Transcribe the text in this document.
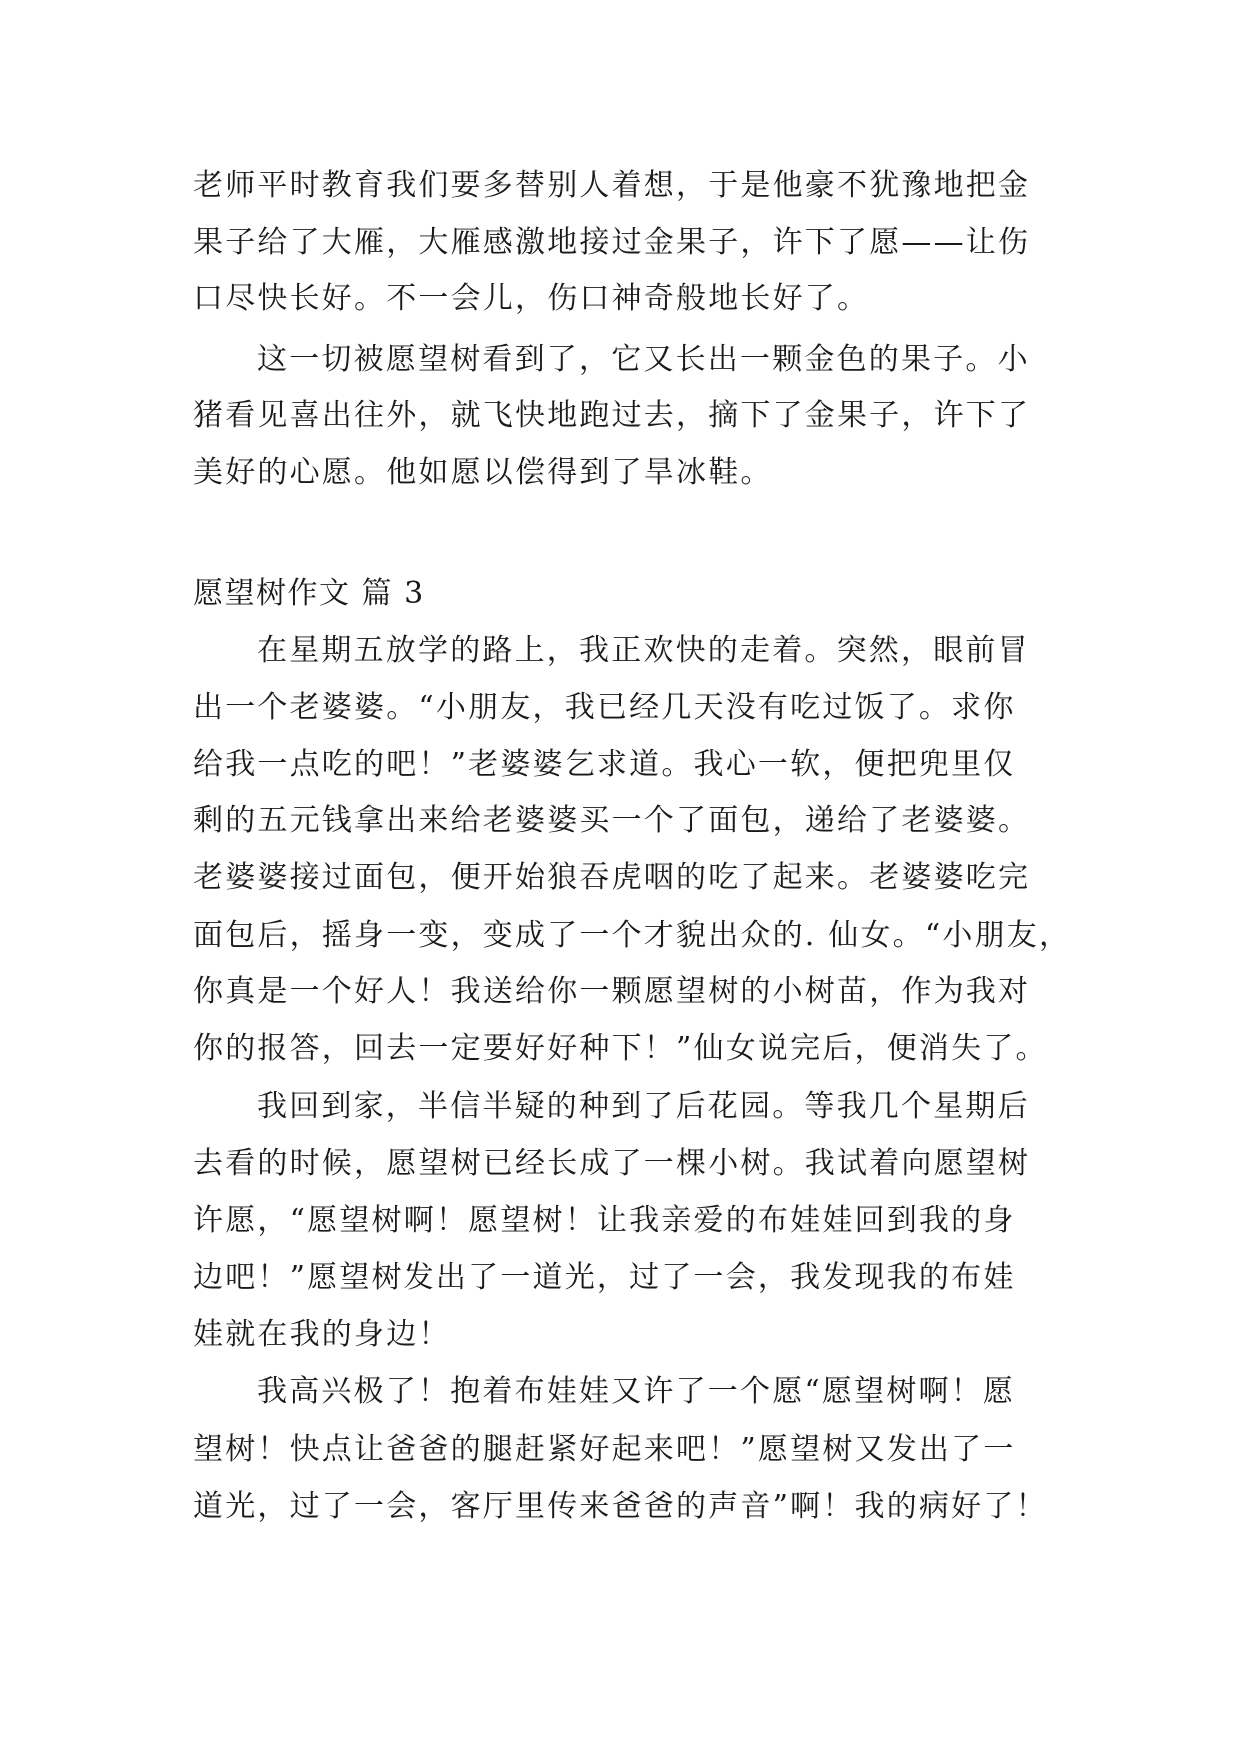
老师平时教育我们要多替别人着想，于是他豪不犹豫地把金
果子给了大雁，大雁感激地接过金果子，许下了愿——让伤
口尽快长好。不一会儿，伤口神奇般地长好了。
这一切被愿望树看到了，它又长出一颗金色的果子。小
猪看见喜出往外，就飞快地跑过去，摘下了金果子，许下了
美好的心愿。他如愿以偿得到了旱冰鞋。
愿望树作文 篇 3
在星期五放学的路上，我正欢快的走着。突然，眼前冒
出一个老婆婆。“小朋友，我已经几天没有吃过饭了。求你
给我一点吃的吧！”老婆婆乞求道。我心一软，便把兜里仅
剩的五元钱拿出来给老婆婆买一个了面包，递给了老婆婆。
老婆婆接过面包，便开始狼吞虎咽的吃了起来。老婆婆吃完
面包后，摇身一变，变成了一个才貌出众的. 仙女。“小朋友，
你真是一个好人！我送给你一颗愿望树的小树苗，作为我对
你的报答，回去一定要好好种下！”仙女说完后，便消失了。
我回到家，半信半疑的种到了后花园。等我几个星期后
去看的时候，愿望树已经长成了一棵小树。我试着向愿望树
许愿，“愿望树啊！愿望树！让我亲爱的布娃娃回到我的身
边吧！”愿望树发出了一道光，过了一会，我发现我的布娃
娃就在我的身边！
我高兴极了！抱着布娃娃又许了一个愿“愿望树啊！愿
望树！快点让爸爸的腿赶紧好起来吧！”愿望树又发出了一
道光，过了一会，客厅里传来爸爸的声音”啊！我的病好了！
